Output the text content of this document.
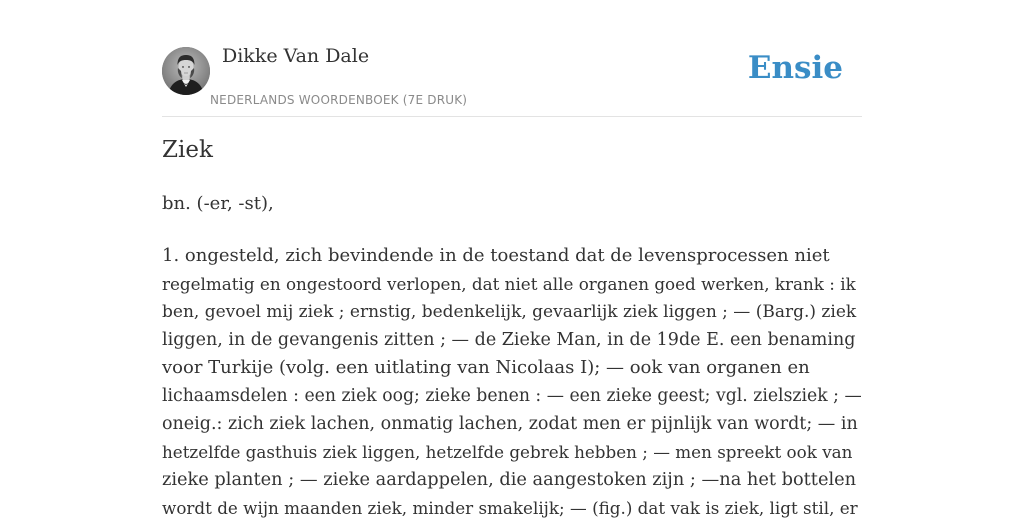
Dikke Van Dale
NEDERLANDS WOORDENBOEK (7E DRUK)
Ensie
Ziek
bn. (-er, -st),
1. ongesteld, zich bevindende in de toestand dat de levensprocessen niet
regelmatig en ongestoord verlopen, dat niet alle organen goed werken, krank : ik
ben, gevoel mij ziek ; ernstig, bedenkelijk, gevaarlijk ziek liggen ; — (Barg.) ziek
liggen, in de gevangenis zitten ; — de Zieke Man, in de 19de E. een benaming
voor Turkije (volg. een uitlating van Nicolaas I); — ook van organen en
lichaamsdelen : een ziek oog; zieke benen : — een zieke geest; vgl. zielsziek ; —
oneig.: zich ziek lachen, onmatig lachen, zodat men er pijnlijk van wordt; — in
hetzelfde gasthuis ziek liggen, hetzelfde gebrek hebben ; — men spreekt ook van
zieke planten ; — zieke aardappelen, die aangestoken zijn ; —na het bottelen
wordt de wijn maanden ziek, minder smakelijk; — (fig.) dat vak is ziek, ligt stil, er
